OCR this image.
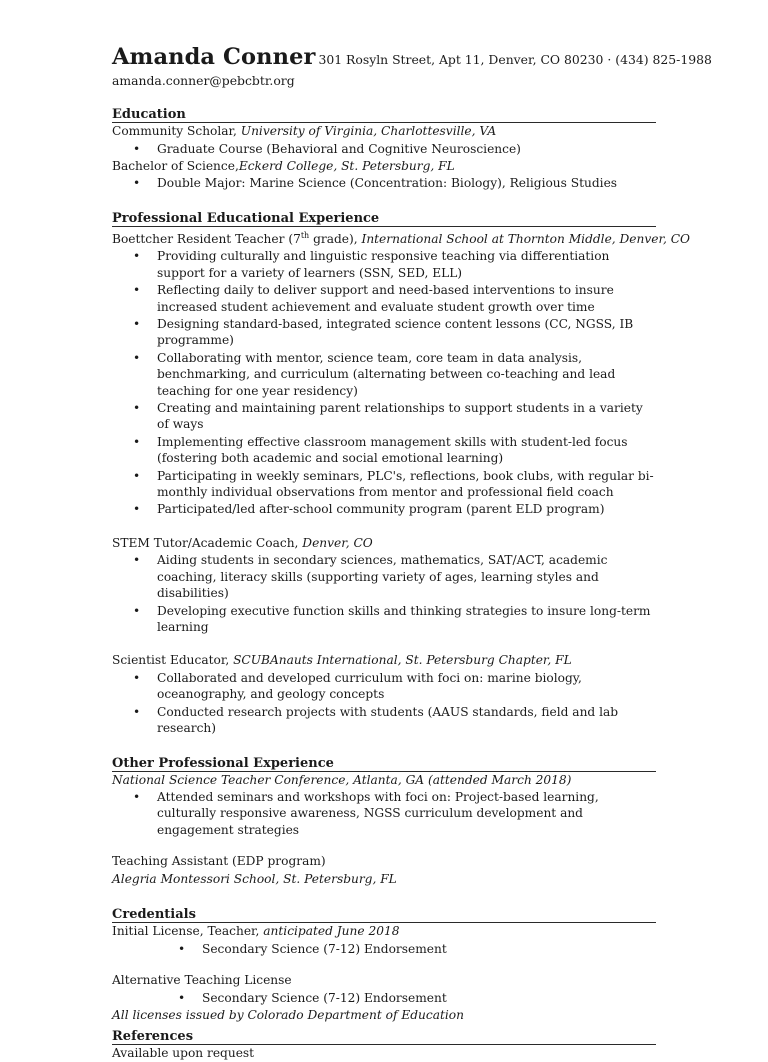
Amanda Conner 301 Rosyln Street, Apt 11, Denver, CO 80230 · (434) 825-1988
amanda.conner@pebcbtr.org
Education
Community Scholar, University of Virginia, Charlottesville, VA
• Graduate Course (Behavioral and Cognitive Neuroscience)
Bachelor of Science,Eckerd College, St. Petersburg, FL
• Double Major: Marine Science (Concentration: Biology), Religious Studies
Professional Educational Experience
Boettcher Resident Teacher (7th grade), International School at Thornton Middle, Denver, CO
• Providing culturally and linguistic responsive teaching via differentiation support for a variety of learners (SSN, SED, ELL)
• Reflecting daily to deliver support and need-based interventions to insure increased student achievement and evaluate student growth over time
• Designing standard-based, integrated science content lessons (CC, NGSS, IB programme)
• Collaborating with mentor, science team, core team in data analysis, benchmarking, and curriculum (alternating between co-teaching and lead teaching for one year residency)
• Creating and maintaining parent relationships to support students in a variety of ways
• Implementing effective classroom management skills with student-led focus (fostering both academic and social emotional learning)
• Participating in weekly seminars, PLC's, reflections, book clubs, with regular bi-monthly individual observations from mentor and professional field coach
• Participated/led after-school community program (parent ELD program)
STEM Tutor/Academic Coach, Denver, CO
• Aiding students in secondary sciences, mathematics, SAT/ACT, academic coaching, literacy skills (supporting variety of ages, learning styles and disabilities)
• Developing executive function skills and thinking strategies to insure long-term learning
Scientist Educator, SCUBAnauts International, St. Petersburg Chapter, FL
• Collaborated and developed curriculum with foci on: marine biology, oceanography, and geology concepts
• Conducted research projects with students (AAUS standards, field and lab research)
Other Professional Experience
National Science Teacher Conference, Atlanta, GA (attended March 2018)
• Attended seminars and workshops with foci on: Project-based learning, culturally responsive awareness, NGSS curriculum development and engagement strategies
Teaching Assistant (EDP program)
Alegria Montessori School, St. Petersburg, FL
Credentials
Initial License, Teacher, anticipated June 2018
• Secondary Science (7-12) Endorsement
Alternative Teaching License
• Secondary Science (7-12) Endorsement
All licenses issued by Colorado Department of Education
References
Available upon request
